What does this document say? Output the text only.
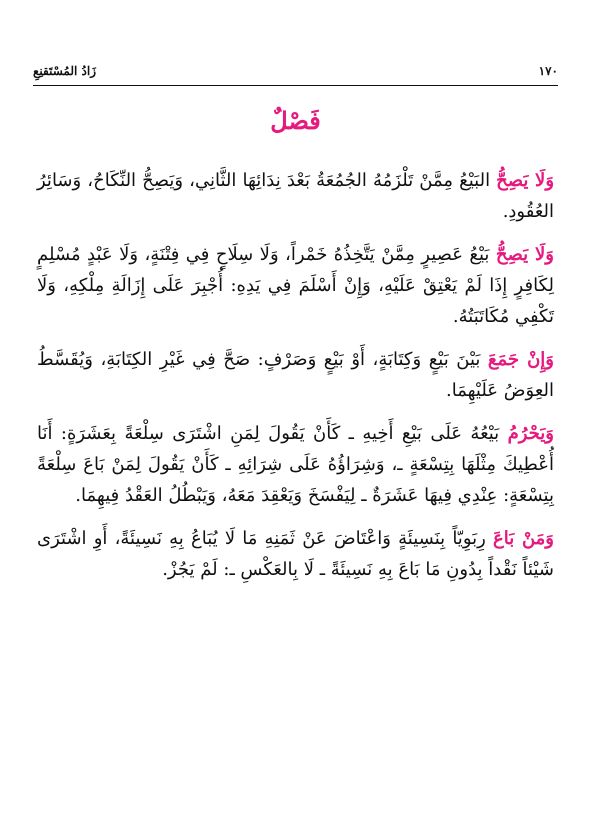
١٧٠
زَادُ المُسْتَقنِعِ
فَصْلٌ

وَلَا يَصِحُّ البَيْعُ مِمَّنْ تَلْزَمُهُ الجُمُعَةُ بَعْدَ نِدَائِهَا الثَّانِي، وَيَصِحُّ النِّكَاحُ، وَسَائِرُ العُقُودِ.

وَلَا يَصِحُّ بَيْعُ عَصِيرٍ مِمَّنْ يَتَّخِذُهُ خَمْراً، وَلَا سِلَاحٍ فِي فِتْنَةٍ، وَلَا عَبْدٍ مُسْلِمٍ لِكَافِرٍ إِذَا لَمْ يَعْتِقْ عَلَيْهِ، وَإِنْ أَسْلَمَ فِي يَدِهِ: أُجْبِرَ عَلَى إِزَالَةِ مِلْكِهِ، وَلَا تَكْفِي مُكَاتَبَتُهُ.

وَإِنْ جَمَعَ بَيْنَ بَيْعٍ وَكِتَابَةٍ، أَوْ بَيْعٍ وَصَرْفٍ: صَحَّ فِي غَيْرِ الكِتَابَةِ، وَيُقَسَّطُ العِوَضُ عَلَيْهِمَا.

وَيَحْرُمُ بَيْعُهُ عَلَى بَيْعِ أَخِيهِ ـ كَأَنْ يَقُولَ لِمَنِ اشْتَرَى سِلْعَةً بِعَشَرَةٍ: أَنَا أُعْطِيكَ مِثْلَهَا بِتِسْعَةٍ ـ، وَشِرَاؤُهُ عَلَى شِرَائِهِ ـ كَأَنْ يَقُولَ لِمَنْ بَاعَ سِلْعَةً بِتِسْعَةٍ: عِنْدِي فِيهَا عَشَرَةٌ ـ لِيَفْسَخَ وَيَعْقِدَ مَعَهُ، وَيَبْطُلُ العَقْدُ فِيهِمَا.

وَمَنْ بَاعَ رِبَوِيّاً بِنَسِيئَةٍ وَاعْتَاضَ عَنْ ثَمَنِهِ مَا لَا يُبَاعُ بِهِ نَسِيئَةً، أَوِ اشْتَرَى شَيْئاً نَقْداً بِدُونِ مَا بَاعَ بِهِ نَسِيئَةً ـ لَا بِالعَكْسِ ـ: لَمْ يَجُزْ.
